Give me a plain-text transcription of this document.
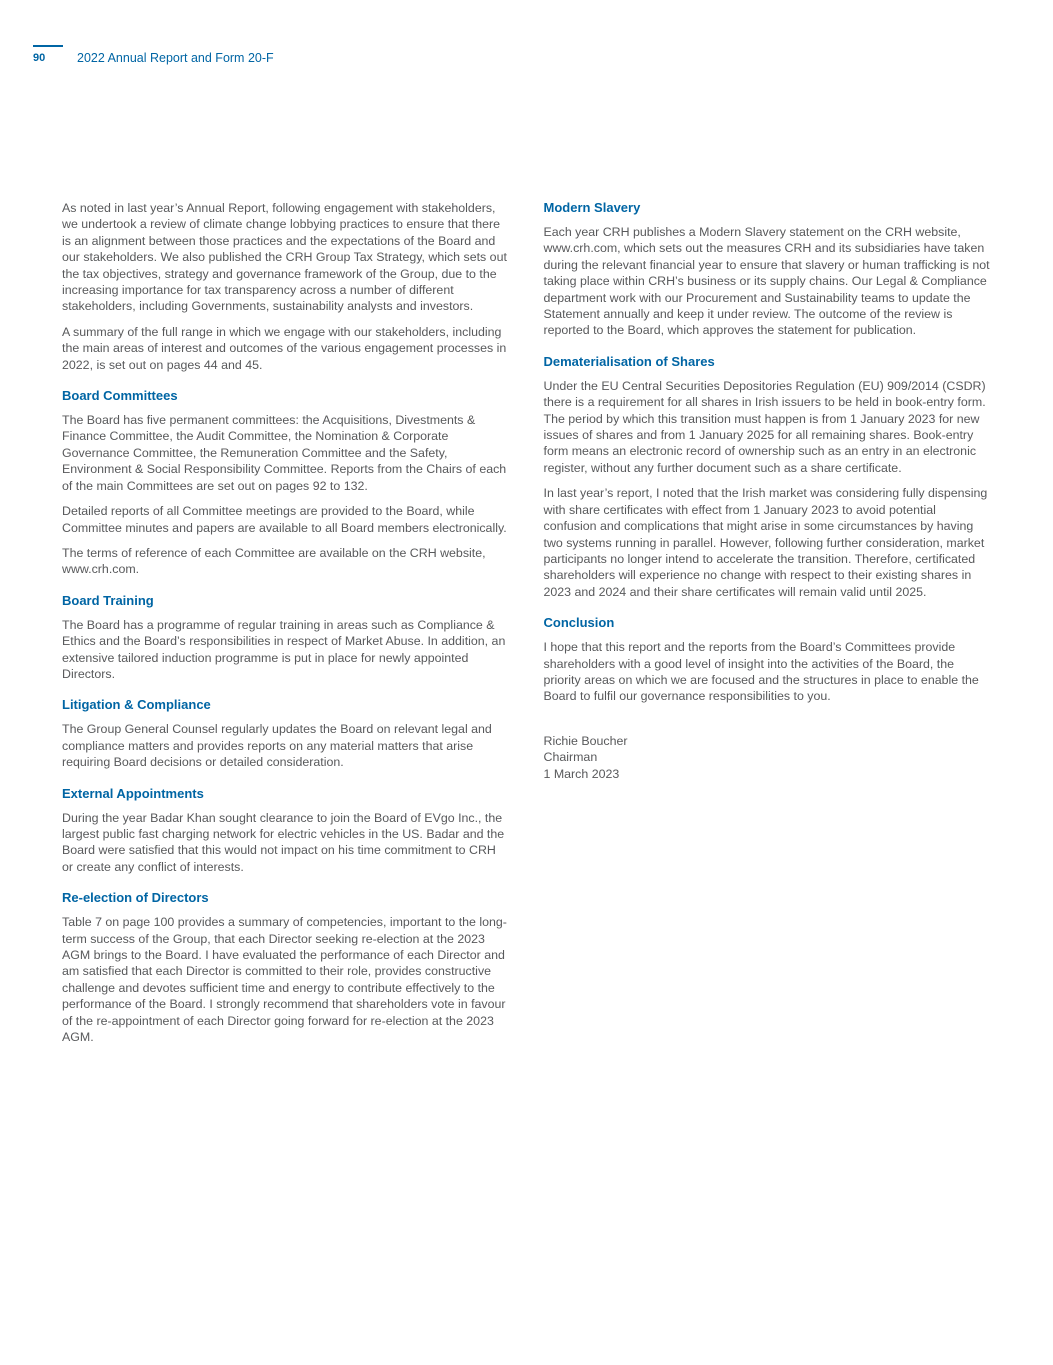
90	2022 Annual Report and Form 20-F

As noted in last year’s Annual Report, following engagement with stakeholders, we undertook a review of climate change lobbying practices to ensure that there is an alignment between those practices and the expectations of the Board and our stakeholders. We also published the CRH Group Tax Strategy, which sets out the tax objectives, strategy and governance framework of the Group, due to the increasing importance for tax transparency across a number of different stakeholders, including Governments, sustainability analysts and investors.

A summary of the full range in which we engage with our stakeholders, including the main areas of interest and outcomes of the various engagement processes in 2022, is set out on pages 44 and 45.

Board Committees

The Board has five permanent committees: the Acquisitions, Divestments & Finance Committee, the Audit Committee, the Nomination & Corporate Governance Committee, the Remuneration Committee and the Safety, Environment & Social Responsibility Committee. Reports from the Chairs of each of the main Committees are set out on pages 92 to 132.

Detailed reports of all Committee meetings are provided to the Board, while Committee minutes and papers are available to all Board members electronically.

The terms of reference of each Committee are available on the CRH website, www.crh.com.

Board Training

The Board has a programme of regular training in areas such as Compliance & Ethics and the Board’s responsibilities in respect of Market Abuse. In addition, an extensive tailored induction programme is put in place for newly appointed Directors.

Litigation & Compliance

The Group General Counsel regularly updates the Board on relevant legal and compliance matters and provides reports on any material matters that arise requiring Board decisions or detailed consideration.

External Appointments

During the year Badar Khan sought clearance to join the Board of EVgo Inc., the largest public fast charging network for electric vehicles in the US. Badar and the Board were satisfied that this would not impact on his time commitment to CRH or create any conflict of interests.

Re-election of Directors

Table 7 on page 100 provides a summary of competencies, important to the long-term success of the Group, that each Director seeking re-election at the 2023 AGM brings to the Board. I have evaluated the performance of each Director and am satisfied that each Director is committed to their role, provides constructive challenge and devotes sufficient time and energy to contribute effectively to the performance of the Board. I strongly recommend that shareholders vote in favour of the re-appointment of each Director going forward for re-election at the 2023 AGM.

Modern Slavery

Each year CRH publishes a Modern Slavery statement on the CRH website, www.crh.com, which sets out the measures CRH and its subsidiaries have taken during the relevant financial year to ensure that slavery or human trafficking is not taking place within CRH’s business or its supply chains. Our Legal & Compliance department work with our Procurement and Sustainability teams to update the Statement annually and keep it under review. The outcome of the review is reported to the Board, which approves the statement for publication.

Dematerialisation of Shares

Under the EU Central Securities Depositories Regulation (EU) 909/2014 (CSDR) there is a requirement for all shares in Irish issuers to be held in book-entry form. The period by which this transition must happen is from 1 January 2023 for new issues of shares and from 1 January 2025 for all remaining shares. Book-entry form means an electronic record of ownership such as an entry in an electronic register, without any further document such as a share certificate.

In last year’s report, I noted that the Irish market was considering fully dispensing with share certificates with effect from 1 January 2023 to avoid potential confusion and complications that might arise in some circumstances by having two systems running in parallel. However, following further consideration, market participants no longer intend to accelerate the transition. Therefore, certificated shareholders will experience no change with respect to their existing shares in 2023 and 2024 and their share certificates will remain valid until 2025.

Conclusion

I hope that this report and the reports from the Board’s Committees provide shareholders with a good level of insight into the activities of the Board, the priority areas on which we are focused and the structures in place to enable the Board to fulfil our governance responsibilities to you.

Richie Boucher
Chairman
1 March 2023
